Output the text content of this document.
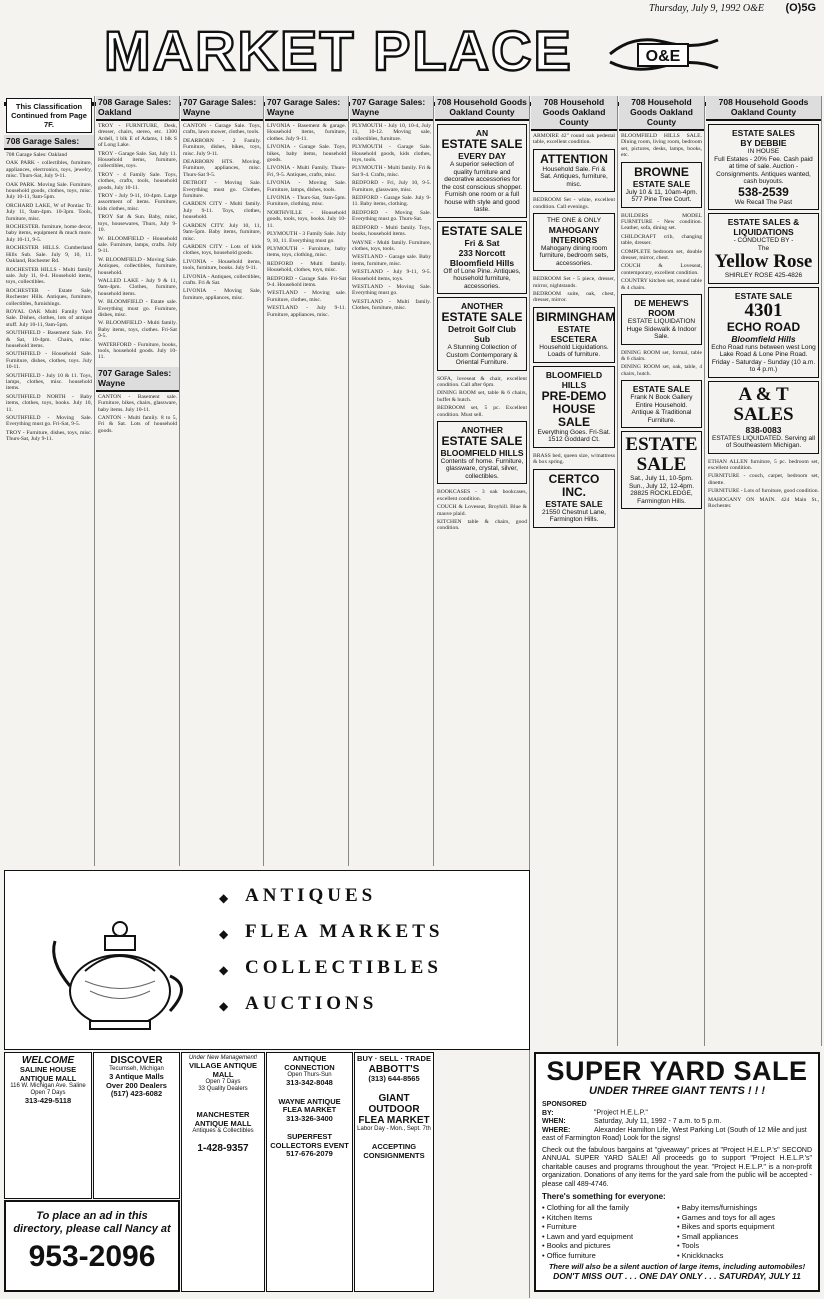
Thursday, July 9, 1992 O&E (O)5G
MARKET PLACE	O&E
This Classification Continued from Page 7F.
708 Garage Sales:

708 Garage Sales: Oakland

OAK PARK - collectibles, furniture, appliances, electronics, toys, jewelry, misc. Thurs-Sat, July 9-11.

OAK PARK. Moving Sale. Furniture, household goods, clothes, toys, misc. July 10-11, 9am-5pm.

ORCHARD LAKE, W of Pontiac Tr. July 11, 9am-4pm. 10-3pm. Tools, furniture, misc.

ROCHESTER. furniture, home decor, baby items, equipment & much more. July 10-11, 9-5.

ROCHESTER HILLS. Cumberland Hills Sub. Sale. July 9, 10, 11. Oakland, Rochester Rd.

ROCHESTER HILLS - Multi family sale. July 11, 8-4. Household items, toys, collectibles.

ROCHESTER - Estate Sale, Rochester Hills. Antiques, furniture, collectibles, furnishings.

ROYAL OAK Multi Family Yard Sale. Dishes, clothes, lots of antique stuff. July 10-11, 9am-5pm.

SOUTHFIELD - Basement Sale. Fri & Sat, 10-4pm. Chairs, misc. household items.

SOUTHFIELD - Household Sale. Furniture, dishes, clothes, toys. July 10-11.

SOUTHFIELD - July 10 & 11. Toys, lamps, clothes, misc. household items.

SOUTHFIELD NORTH - Baby items, clothes, toys, books. July 10, 11.

SOUTHFIELD - Moving Sale. Everything must go. Fri-Sat, 9-5.

TROY - Furniture, dishes, toys, misc. Thurs-Sat, July 9-11.

708 Garage Sales: Oakland

TROY - FURNITURE, Desk, dresser, chairs, stereo, etc. 1300 Ardell, 1 blk E of Adams, 1 blk S of Long Lake.

TROY - Garage Sale. Sat, July 11. Household items, furniture, collectibles, toys.

TROY - 4 Family Sale. Toys, clothes, crafts, tools, household goods, July 10-11.

TROY - July 9-11, 10-4pm. Large assortment of items. Furniture, kids clothes, misc.

TROY Sat & Sun. Baby, misc, toys, housewares, Thurs, July 9-10.

W. BLOOMFIELD - Household sale. Furniture, lamps, crafts. July 9-11.

W. BLOOMFIELD - Moving Sale. Antiques, collectibles, furniture, household.

WALLED LAKE - July 9 & 11, 9am-4pm. Clothes, furniture, household items.

W. BLOOMFIELD - Estate sale. Everything must go. Furniture, dishes, misc.

W. BLOOMFIELD - Multi family. Baby items, toys, clothes. Fri-Sat 9-5.

WATERFORD - Furniture, books, tools, household goods. July 10-11.

707 Garage Sales: Wayne

CANTON - Basement sale. Furniture, bikes, chairs, glassware, baby items. July 10-11.

CANTON - Multi family. 8 to 5, Fri & Sat. Lots of household goods.

707 Garage Sales: Wayne

CANTON - Garage Sale. Toys, crafts, lawn mower, clothes, tools.

DEARBORN - 2 Family. Furniture, dishes, bikes, toys, misc. July 9-11.

DEARBORN HTS. Moving. Furniture, appliances, misc. Thurs-Sat 9-5.

DETROIT - Moving Sale. Everything must go. Clothes, furniture.

GARDEN CITY - Multi family. July 9-11. Toys, clothes, household.

GARDEN CITY. July 10, 11, 9am-5pm. Baby items, furniture, misc.

GARDEN CITY - Lots of kids clothes, toys, household goods.

LIVONIA - Household items, tools, furniture, books. July 9-11.

LIVONIA - Antiques, collectibles, crafts. Fri & Sat.

LIVONIA - Moving Sale, furniture, appliances, misc.

707 Garage Sales: Wayne

LIVONIA - Basement & garage. Household items, furniture, clothes. July 9-11.

LIVONIA - Garage Sale. Toys, bikes, baby items, household goods.

LIVONIA - Multi Family. Thurs-Fri, 9-5. Antiques, crafts, misc.

LIVONIA - Moving Sale. Furniture, lamps, dishes, tools.

LIVONIA - Thurs-Sat, 9am-5pm. Furniture, clothing, misc.

NORTHVILLE - Household goods, tools, toys, books. July 10-11.

PLYMOUTH - 3 Family Sale. July 9, 10, 11. Everything must go.

PLYMOUTH - Furniture, baby items, toys, clothing, misc.

REDFORD - Multi family. Household, clothes, toys, misc.

REDFORD - Garage Sale. Fri-Sat 9-4. Household items.

WESTLAND - Moving sale. Furniture, clothes, misc.

WESTLAND - July 9-11. Furniture, appliances, misc.

707 Garage Sales: Wayne

PLYMOUTH - July 10, 10-4, July 11, 10-12. Moving sale, collectibles, furniture.

PLYMOUTH - Garage Sale. Household goods, kids clothes, toys, tools.

PLYMOUTH - Multi family. Fri & Sat 9-4. Crafts, misc.

REDFORD - Fri, July 10, 9-5. Furniture, glassware, misc.

REDFORD - Garage Sale. July 9-11. Baby items, clothing.

REDFORD - Moving Sale. Everything must go. Thurs-Sat.

REDFORD - Multi family. Toys, books, household items.

WAYNE - Multi family. Furniture, clothes, toys, tools.

WESTLAND - Garage sale. Baby items, furniture, misc.

WESTLAND - July 9-11, 9-5. Household items, toys.

WESTLAND - Moving Sale. Everything must go.

WESTLAND - Multi family. Clothes, furniture, misc.

708 Household Goods Oakland County
AN
ESTATE SALE
EVERY DAY
A superior selection of quality furniture and decorative accessories for the cost conscious shopper. Furnish one room or a full house with style and good taste.
ESTATE SALE
Fri & Sat
233 Norcott
Bloomfield Hills
Off of Lone Pine. Antiques, household furniture, accessories.
ANOTHER
ESTATE SALE
Detroit Golf Club Sub
A Stunning Collection of Custom Contemporary & Oriental Furniture.

SOFA, loveseat & chair, excellent condition. Call after 6pm.

DINING ROOM set, table & 6 chairs, buffet & hutch.

BEDROOM set, 5 pc. Excellent condition. Must sell.

ANOTHER
ESTATE SALE
BLOOMFIELD HILLS
Contents of home. Furniture, glassware, crystal, silver, collectibles.

BOOKCASES - 3 oak bookcases, excellent condition.

COUCH & Loveseat, Broyhill. Blue & mauve plaid.

KITCHEN table & chairs, good condition.

708 Household Goods Oakland County

ARMOIRE 42" round oak pedestal table, excellent condition.

ATTENTION
Household Sale. Fri & Sat. Antiques, furniture, misc.

BEDROOM Set - white, excellent condition. Call evenings.

THE ONE & ONLY
MAHOGANY INTERIORS
Mahogany dining room furniture, bedroom sets, accessories.

BEDROOM Set - 5 piece, dresser, mirror, nightstands.

BEDROOM suite, oak, chest, dresser, mirror.

BIRMINGHAM
ESTATE ESCETERA
Household Liquidations. Loads of furniture.
BLOOMFIELD HILLS
PRE-DEMO
HOUSE SALE
Everything Goes. Fri-Sat. 1512 Goddard Ct.

BRASS bed, queen size, w/mattress & box spring.

CERTCO INC.
ESTATE SALE
21550 Chestnut Lane, Farmington Hills.
708 Household Goods Oakland County

BLOOMFIELD HILLS SALE. Dining room, living room, bedroom set, pictures, desks, lamps, books, etc.

BROWNE
ESTATE SALE
July 10 & 11, 10am-4pm. 577 Pine Tree Court.

BUILDERS MODEL FURNITURE - New condition. Leather, sofa, dining set.

CHILDCRAFT crib, changing table, dresser.

COMPLETE bedroom set, double dresser, mirror, chest.

COUCH & Loveseat, contemporary, excellent condition.

COUNTRY kitchen set, round table & 4 chairs.

DE MEHEW'S ROOM
ESTATE LIQUIDATION
Huge Sidewalk & Indoor Sale.

DINING ROOM set, formal, table & 6 chairs.

DINING ROOM set, oak, table, 4 chairs, hutch.

ESTATE SALE
Frank N Book Gallery
Entire Household. Antique & Traditional Furniture.
ESTATE
SALE
Sat., July 11, 10-5pm. Sun., July 12, 12-4pm. 28825 ROCKLEDGE, Farmington Hills.
708 Household Goods Oakland County
ESTATE SALES
BY DEBBIE
IN HOUSE
Full Estates - 20% Fee. Cash paid at time of sale. Auction - Consignments. Antiques wanted, cash buyouts.
538-2539
We Recall The Past
ESTATE SALES &
LIQUIDATIONS
- CONDUCTED BY -
The
Yellow Rose
SHIRLEY ROSE 425-4826
ESTATE SALE
4301
ECHO ROAD
Bloomfield Hills
Echo Road runs between west Long Lake Road & Lone Pine Road. Friday - Saturday - Sunday (10 a.m. to 4 p.m.)
A & T SALES
838-0083
ESTATES LIQUIDATED. Serving all of Southeastern Michigan.

ETHAN ALLEN furniture, 5 pc. bedroom set, excellent condition.

FURNITURE - couch, carpet, bedroom set, dinette.

FURNITURE - Lots of furniture, good condition.

MAHOGANY ON MAIN. 424 Main St., Rochester.

◆ ANTIQUES
◆ FLEA MARKETS
◆ COLLECTIBLES
◆ AUCTIONS
WELCOME
SALINE HOUSE
ANTIQUE MALL
116 W. Michigan Ave. Saline
Open 7 Days
313-429-5118
DISCOVER
Tecumseh, Michigan
3 Antique Malls
Over 200 Dealers
(517) 423-6082
Under New Management!
VILLAGE ANTIQUE MALL
Open 7 Days
33 Quality Dealers
MANCHESTER ANTIQUE MALL
Antiques & Collectibles
1-428-9357
ANTIQUE CONNECTION
Open Thurs-Sun
313-342-8048
WAYNE ANTIQUE
FLEA MARKET
313-326-3400
SUPERFEST
COLLECTORS EVENT
517-676-2079
BUY · SELL · TRADE
ABBOTT'S
(313) 644-8565
GIANT OUTDOOR
FLEA MARKET
Labor Day - Mon., Sept. 7th
ACCEPTING CONSIGNMENTS
To place an ad in this
directory, please call Nancy at
953-2096
SUPER YARD SALE
UNDER THREE GIANT TENTS ! ! !
SPONSORED BY:	"Project H.E.L.P."
WHEN:	Saturday, July 11, 1992 - 7 a.m. to 5 p.m.
WHERE:	Alexander Hamilton Life, West Parking Lot (South of 12 Mile and just east of Farmington Road) Look for the signs!
Check out the fabulous bargains at "giveaway" prices at "Project H.E.L.P.'s" SECOND ANNUAL SUPER YARD SALE! All proceeds go to support "Project H.E.L.P.'s" charitable causes and programs throughout the year. "Project H.E.L.P." is a non-profit organization. Donations of any items for the yard sale from the public will be accepted - please call 489-4746.
There's something for everyone:
• Clothing for all the family
• Kitchen Items
• Furniture
• Lawn and yard equipment
• Books and pictures
• Office furniture
• Baby items/furnishings
• Games and toys for all ages
• Bikes and sports equipment
• Small appliances
• Tools
• Knickknacks
There will also be a silent auction of large items, including automobiles!
DON'T MISS OUT . . . ONE DAY ONLY . . . SATURDAY, JULY 11
